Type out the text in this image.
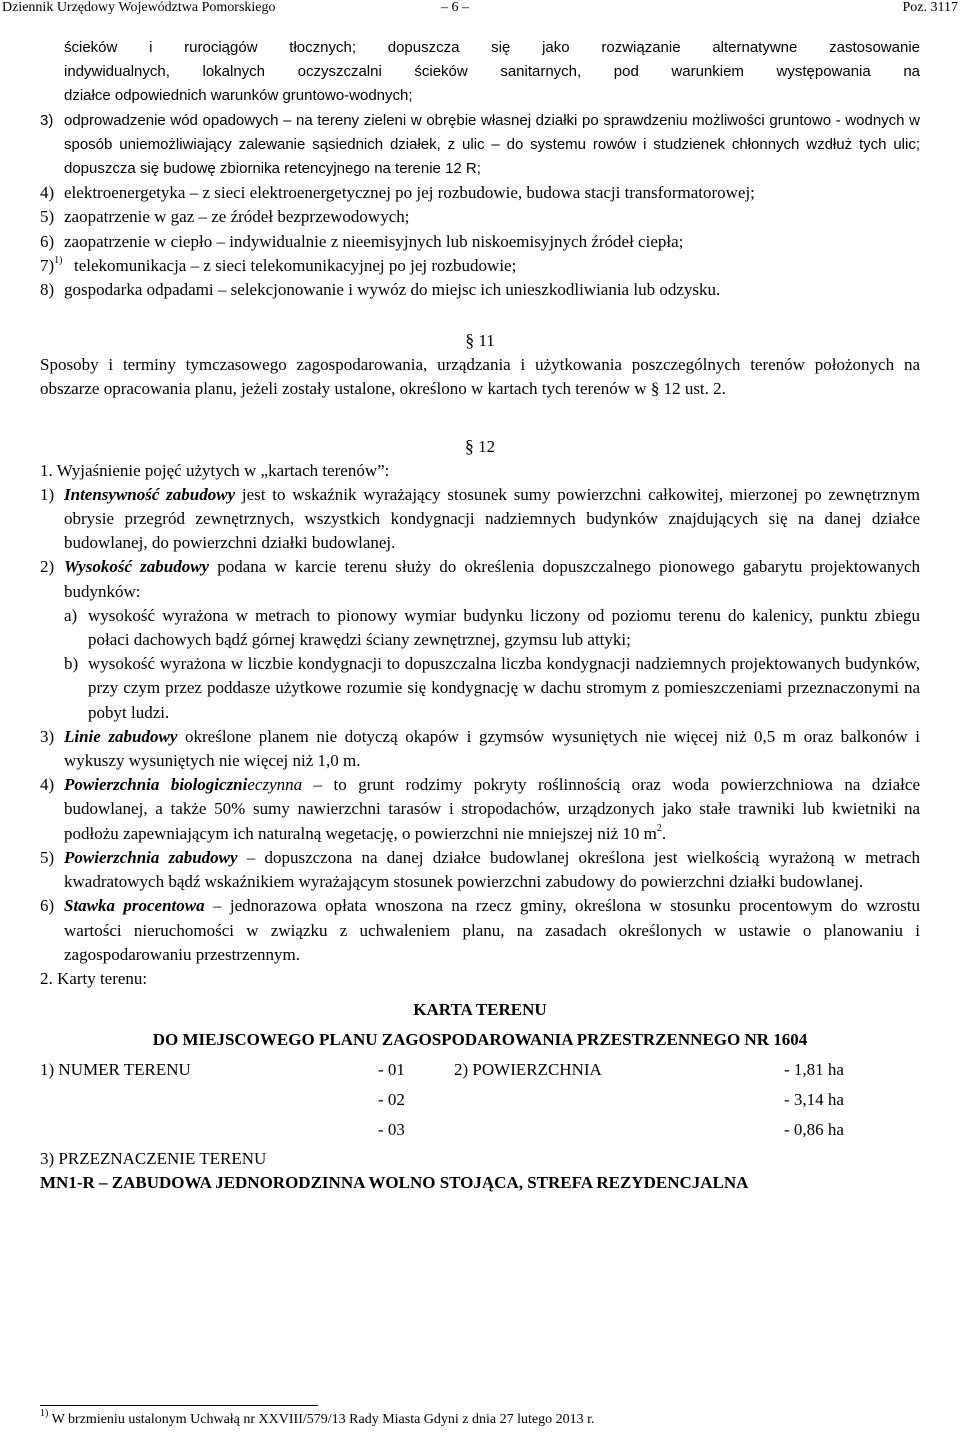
Dziennik Urzędowy Województwa Pomorskiego	– 6 –	Poz. 3117
ścieków i rurociągów tłocznych; dopuszcza się jako rozwiązanie alternatywne zastosowanie
indywidualnych, lokalnych oczyszczalni ścieków sanitarnych, pod warunkiem występowania na
działce odpowiednich warunków gruntowo-wodnych;
3) odprowadzenie wód opadowych – na tereny zieleni w obrębie własnej działki po sprawdzeniu możliwości gruntowo - wodnych w sposób uniemożliwiający zalewanie sąsiednich działek, z ulic – do systemu rowów i studzienek chłonnych wzdłuż tych ulic; dopuszcza się budowę zbiornika retencyjnego na terenie 12 R;
4) elektroenergetyka – z sieci elektroenergetycznej po jej rozbudowie, budowa stacji transformatorowej;
5) zaopatrzenie w gaz – ze źródeł bezprzewodowych;
6) zaopatrzenie w ciepło – indywidualnie z nieemisyjnych lub niskoemisyjnych źródeł ciepła;
7)$^{1)}$ telekomunikacja – z sieci telekomunikacyjnej po jej rozbudowie;
8) gospodarka odpadami – selekcjonowanie i wywóz do miejsc ich unieszkodliwiania lub odzysku.

§ 11

Sposoby i terminy tymczasowego zagospodarowania, urządzania i użytkowania poszczególnych terenów położonych na obszarze opracowania planu, jeżeli zostały ustalone, określono w kartach tych terenów w § 12 ust. 2.

§ 12

1. Wyjaśnienie pojęć użytych w „kartach terenów”:

1) Intensywność zabudowy jest to wskaźnik wyrażający stosunek sumy powierzchni całkowitej, mierzonej po zewnętrznym obrysie przegród zewnętrznych, wszystkich kondygnacji nadziemnych budynków znajdujących się na danej działce budowlanej, do powierzchni działki budowlanej.
2) Wysokość zabudowy podana w karcie terenu służy do określenia dopuszczalnego pionowego gabarytu projektowanych budynków:
a) wysokość wyrażona w metrach to pionowy wymiar budynku liczony od poziomu terenu do kalenicy, punktu zbiegu połaci dachowych bądź górnej krawędzi ściany zewnętrznej, gzymsu lub attyki;
b) wysokość wyrażona w liczbie kondygnacji to dopuszczalna liczba kondygnacji nadziemnych projektowanych budynków, przy czym przez poddasze użytkowe rozumie się kondygnację w dachu stromym z pomieszczeniami przeznaczonymi na pobyt ludzi.
3) Linie zabudowy określone planem nie dotyczą okapów i gzymsów wysuniętych nie więcej niż 0,5 m oraz balkonów i wykuszy wysuniętych nie więcej niż 1,0 m.
4) Powierzchnia biologicznieczynna – to grunt rodzimy pokryty roślinnością oraz woda powierzchniowa na działce budowlanej, a także 50% sumy nawierzchni tarasów i stropodachów, urządzonych jako stałe trawniki lub kwietniki na podłożu zapewniającym ich naturalną wegetację, o powierzchni nie mniejszej niż 10 $m^2$.
5) Powierzchnia zabudowy – dopuszczona na danej działce budowlanej określona jest wielkością wyrażoną w metrach kwadratowych bądź wskaźnikiem wyrażającym stosunek powierzchni zabudowy do powierzchni działki budowlanej.
6) Stawka procentowa – jednorazowa opłata wnoszona na rzecz gminy, określona w stosunku procentowym do wzrostu wartości nieruchomości w związku z uchwaleniem planu, na zasadach określonych w ustawie o planowaniu i zagospodarowaniu przestrzennym.

2. Karty terenu:

KARTA TERENU

DO MIEJSCOWEGO PLANU ZAGOSPODAROWANIA PRZESTRZENNEGO NR 1604

1) NUMER TERENU	- 01	2) POWIERZCHNIA	- 1,81 ha
- 02	- 3,14 ha
- 03	- 0,86 ha

3) PRZEZNACZENIE TERENU

MN1-R – ZABUDOWA JEDNORODZINNA WOLNO STOJĄCA, STREFA REZYDENCJALNA

$^{1)}$ W brzmieniu ustalonym Uchwałą nr XXVIII/579/13 Rady Miasta Gdyni z dnia 27 lutego 2013 r.
